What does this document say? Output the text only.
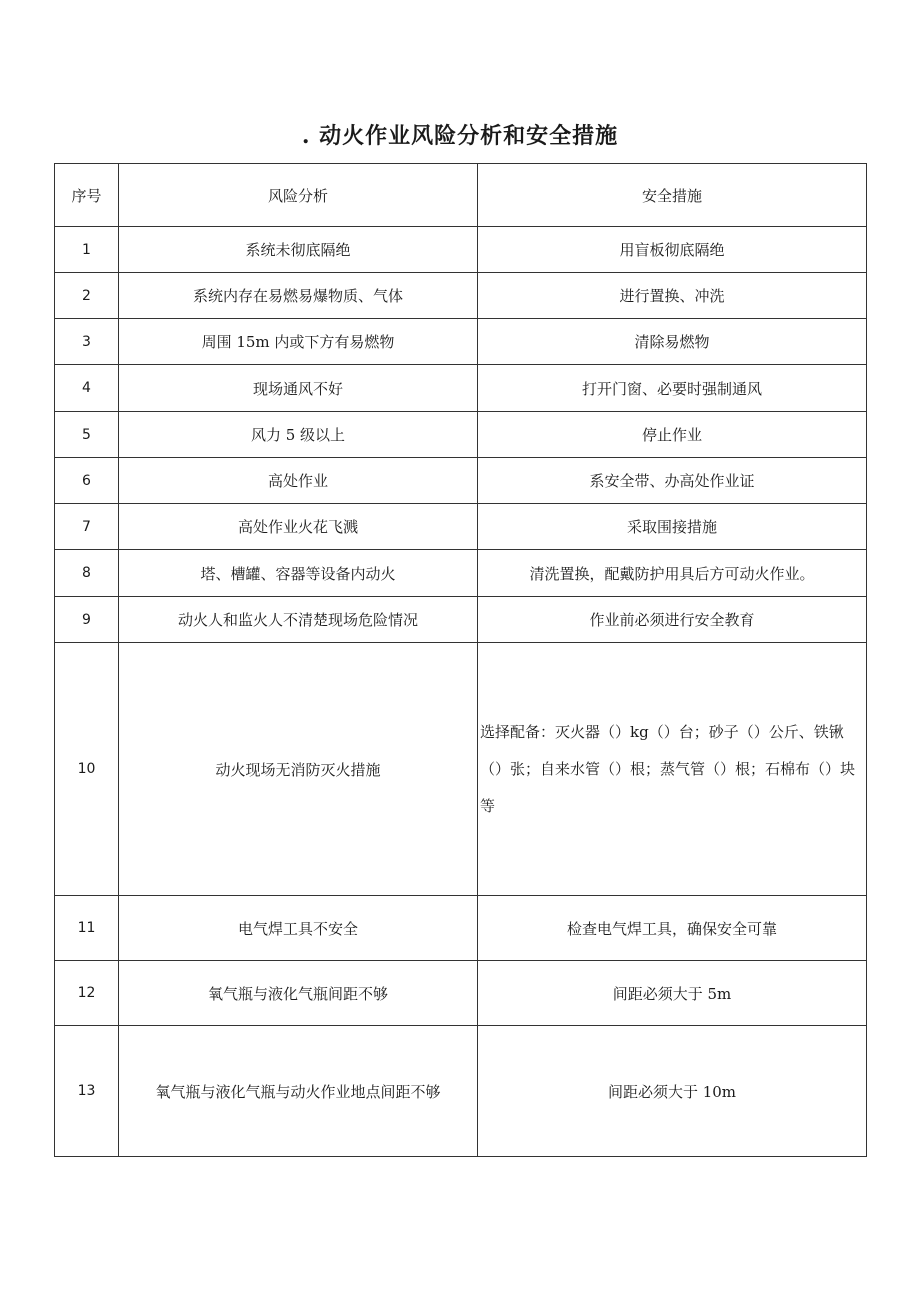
. 动火作业风险分析和安全措施
序号	风险分析	安全措施
1	系统未彻底隔绝	用盲板彻底隔绝
2	系统内存在易燃易爆物质、气体	进行置换、冲洗
3	周围 15m 内或下方有易燃物	清除易燃物
4	现场通风不好	打开门窗、必要时强制通风
5	风力 5 级以上	停止作业
6	高处作业	系安全带、办高处作业证
7	高处作业火花飞溅	采取围接措施
8	塔、槽罐、容器等设备内动火	清洗置换，配戴防护用具后方可动火作业。
9	动火人和监火人不清楚现场危险情况	作业前必须进行安全教育
10	动火现场无消防灭火措施	选择配备：灭火器（）kg（）台；砂子（）公斤、铁锹（）张；自来水管（）根；蒸气管（）根；石棉布（）块等
11	电气焊工具不安全	检查电气焊工具，确保安全可靠
12	氧气瓶与液化气瓶间距不够	间距必须大于 5m
13	氧气瓶与液化气瓶与动火作业地点间距不够	间距必须大于 10m
